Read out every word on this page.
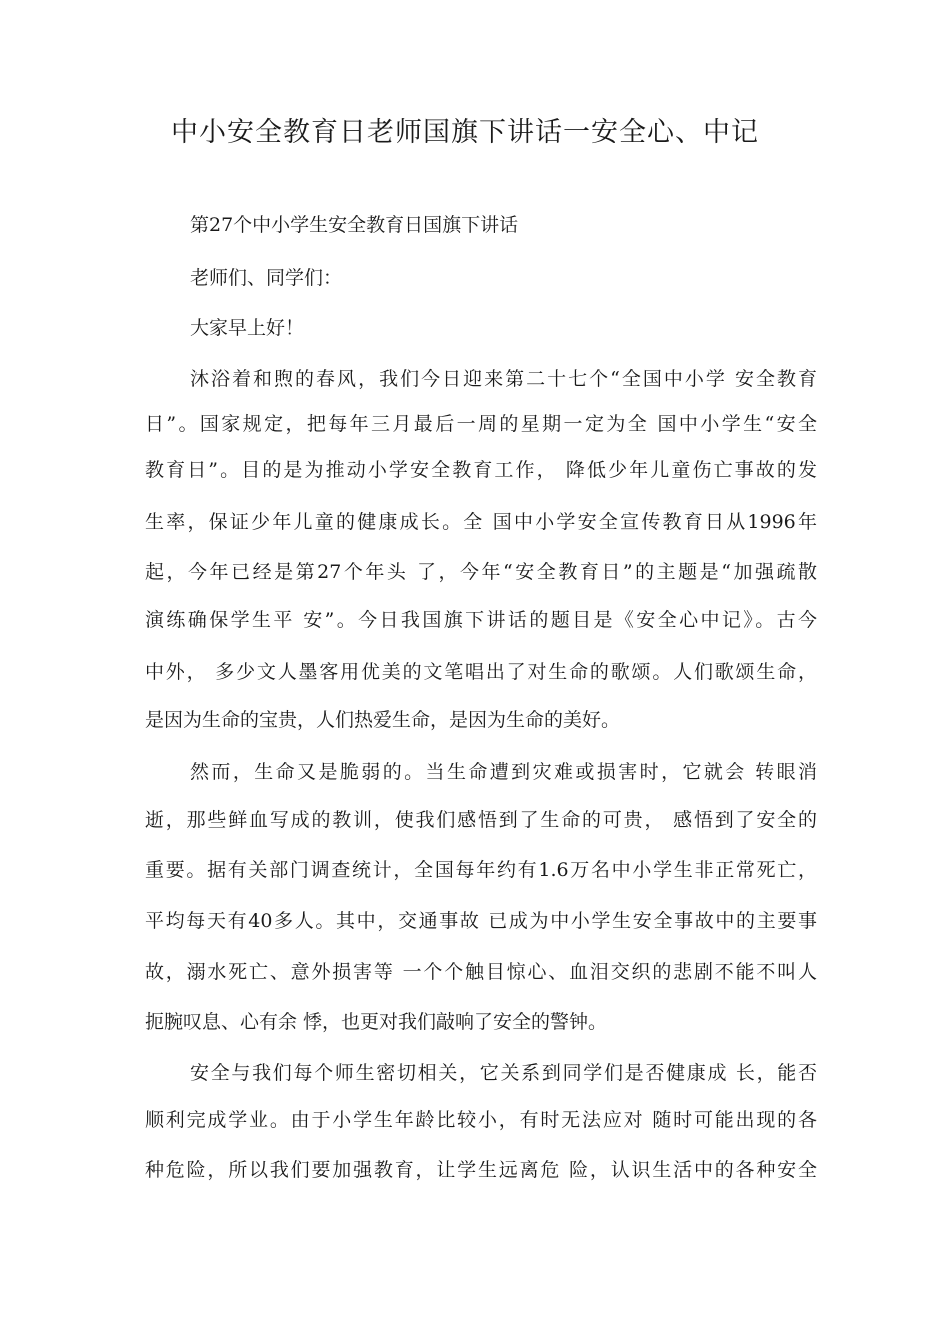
中小安全教育日老师国旗下讲话一安全心、中记
第27个中小学生安全教育日国旗下讲话
老师们、同学们：
大家早上好！
沐浴着和煦的春风，我们今日迎来第二十七个“全国中小学 安全教育
日”。国家规定，把每年三月最后一周的星期一定为全 国中小学生“安全
教育日”。目的是为推动小学安全教育工作， 降低少年儿童伤亡事故的发
生率，保证少年儿童的健康成长。全 国中小学安全宣传教育日从1996年
起，今年已经是第27个年头 了，今年“安全教育日”的主题是“加强疏散
演练确保学生平 安”。今日我国旗下讲话的题目是《安全心中记》。古今
中外， 多少文人墨客用优美的文笔唱出了对生命的歌颂。人们歌颂生命，
是因为生命的宝贵，人们热爱生命，是因为生命的美好。
然而，生命又是脆弱的。当生命遭到灾难或损害时，它就会 转眼消
逝，那些鲜血写成的教训，使我们感悟到了生命的可贵， 感悟到了安全的
重要。据有关部门调查统计，全国每年约有1.6万名中小学生非正常死亡，
平均每天有40多人。其中，交通事故 已成为中小学生安全事故中的主要事
故，溺水死亡、意外损害等 一个个触目惊心、血泪交织的悲剧不能不叫人
扼腕叹息、心有余 悸，也更对我们敲响了安全的警钟。
安全与我们每个师生密切相关，它关系到同学们是否健康成 长，能否
顺利完成学业。由于小学生年龄比较小，有时无法应对 随时可能出现的各
种危险，所以我们要加强教育，让学生远离危 险，认识生活中的各种安全
